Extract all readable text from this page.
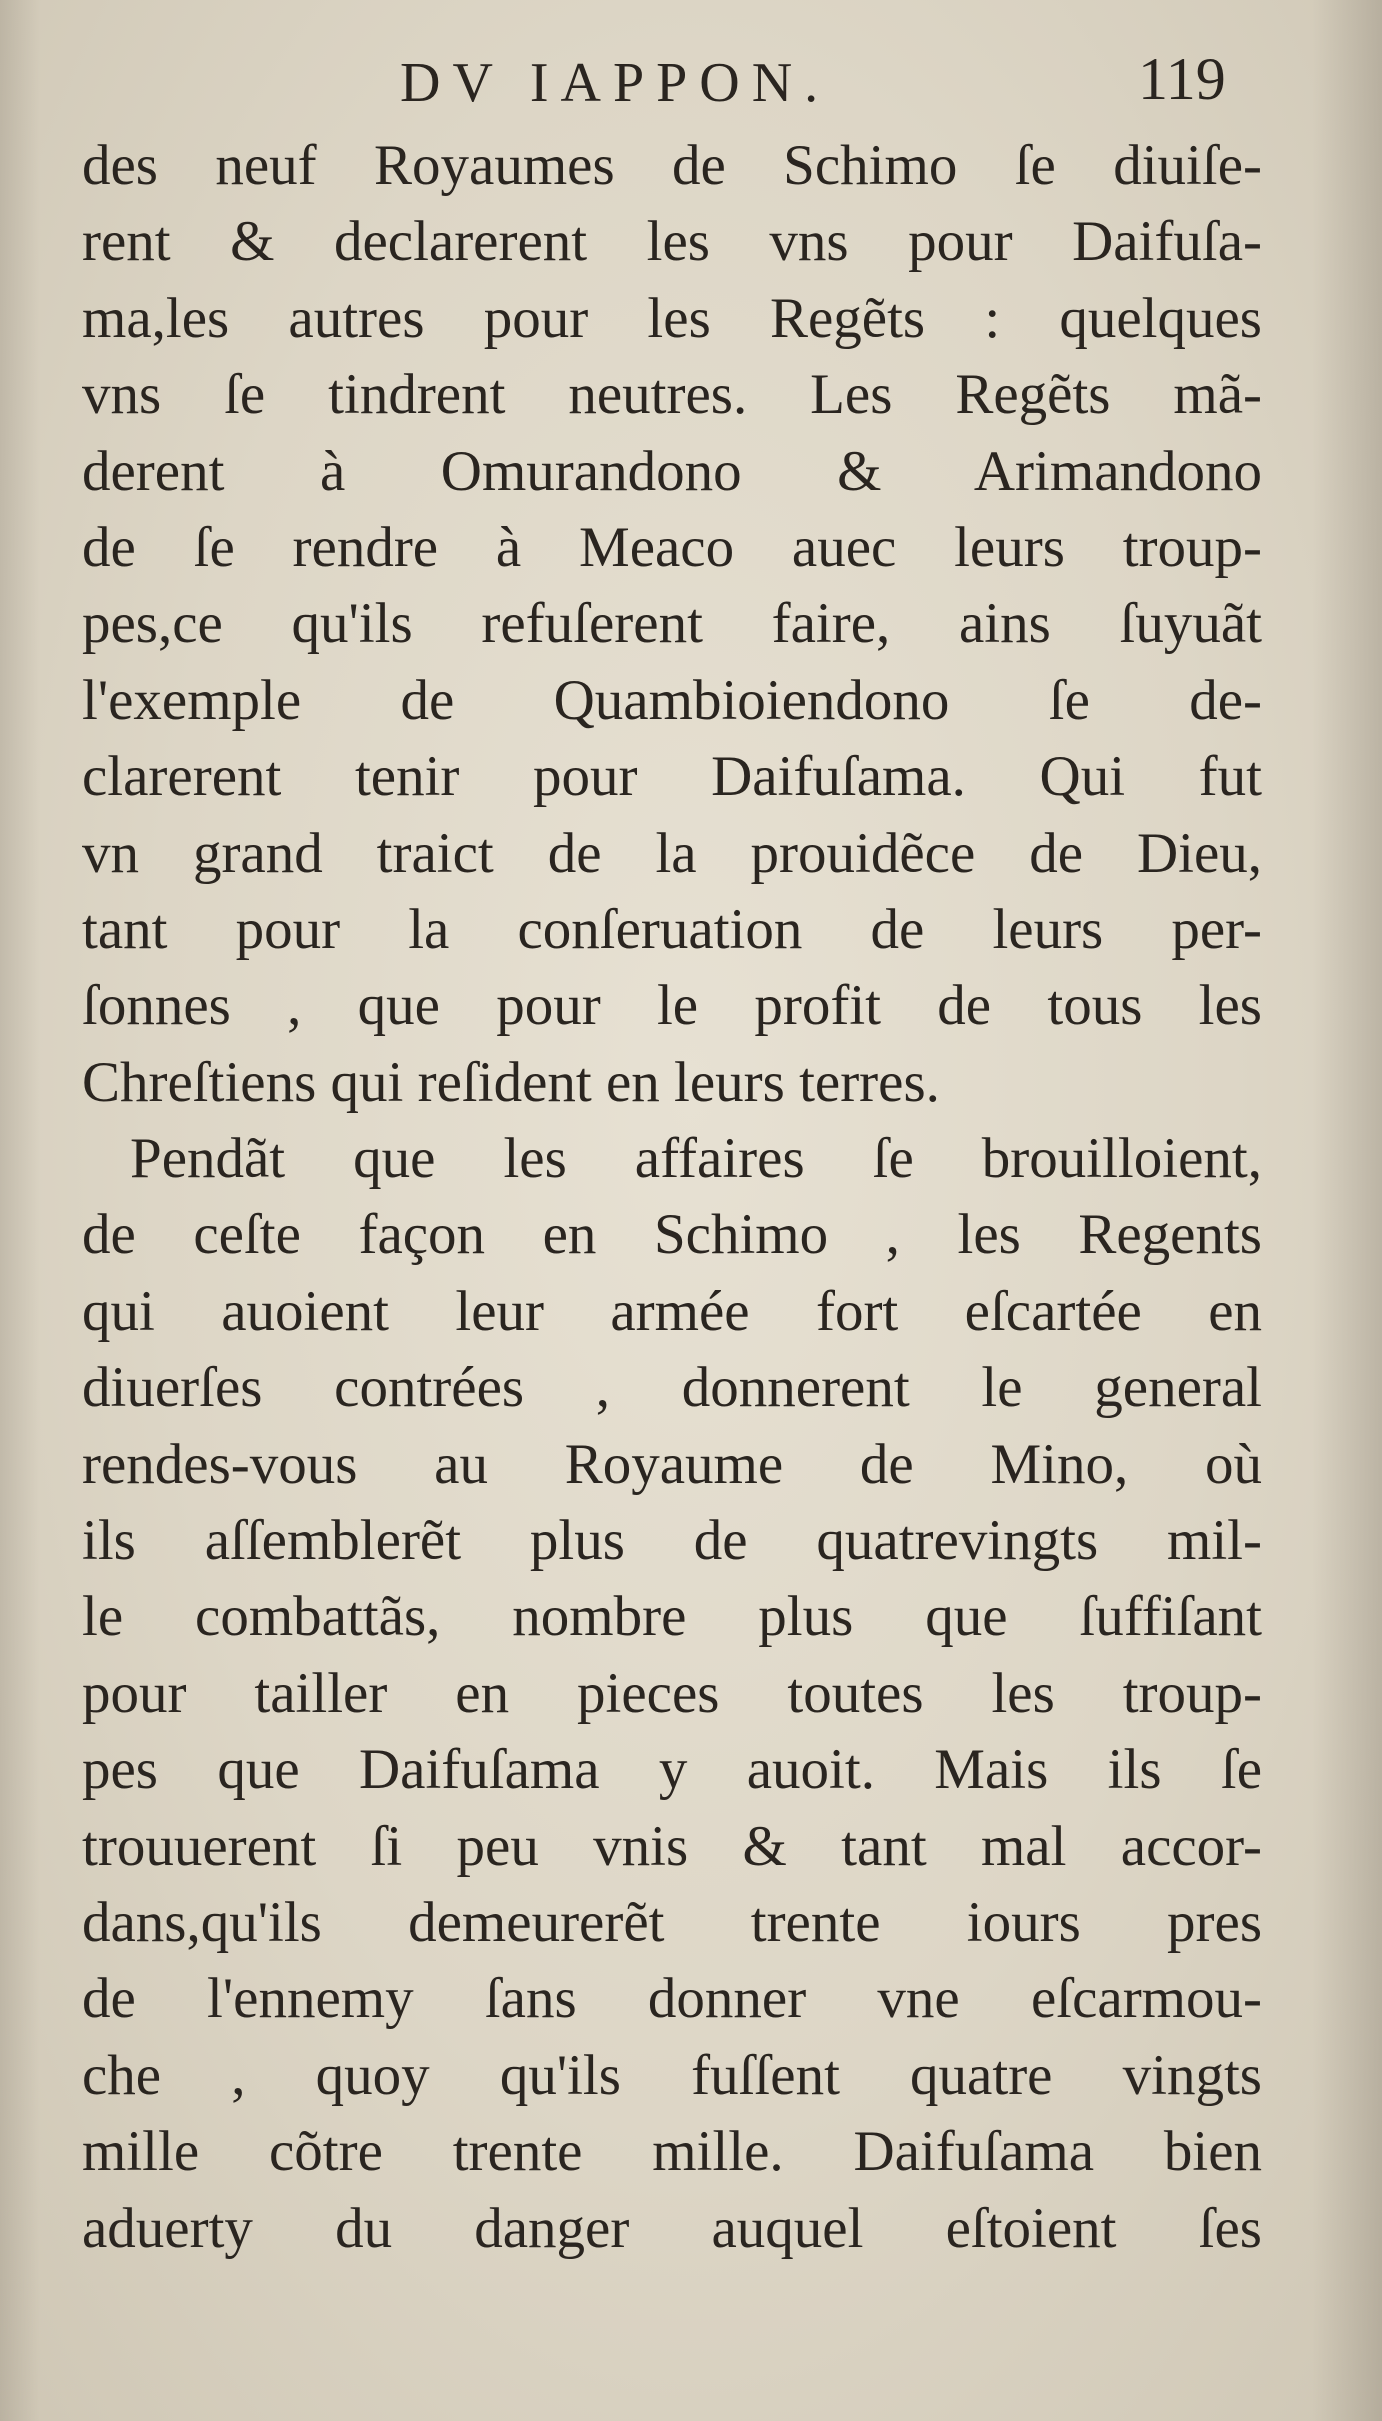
DV IAPPON.	119
des neuf Royaumes de Schimo ſe diuiſe-
rent & declarerent les vns pour Daifuſa-
ma,les autres pour les Regẽts : quelques
vns ſe tindrent neutres. Les Regẽts mã-
derent à Omurandono & Arimandono
de ſe rendre à Meaco auec leurs troup-
pes,ce qu'ils refuſerent faire, ains ſuyuãt
l'exemple de Quambioiendono ſe de-
clarerent tenir pour Daifuſama. Qui fut
vn grand traict de la prouidẽce de Dieu,
tant pour la conſeruation de leurs per-
ſonnes , que pour le profit de tous les
Chreſtiens qui reſident en leurs terres.
Pendãt que les affaires ſe brouilloient,
de ceſte façon en Schimo , les Regents
qui auoient leur armée fort eſcartée en
diuerſes contrées , donnerent le general
rendes-vous au Royaume de Mino, où
ils aſſemblerẽt plus de quatrevingts mil-
le combattãs, nombre plus que ſuffiſant
pour tailler en pieces toutes les troup-
pes que Daifuſama y auoit. Mais ils ſe
trouuerent ſi peu vnis & tant mal accor-
dans,qu'ils demeurerẽt trente iours pres
de l'ennemy ſans donner vne eſcarmou-
che , quoy qu'ils fuſſent quatre vingts
mille cõtre trente mille. Daifuſama bien
aduerty du danger auquel eſtoient ſes
